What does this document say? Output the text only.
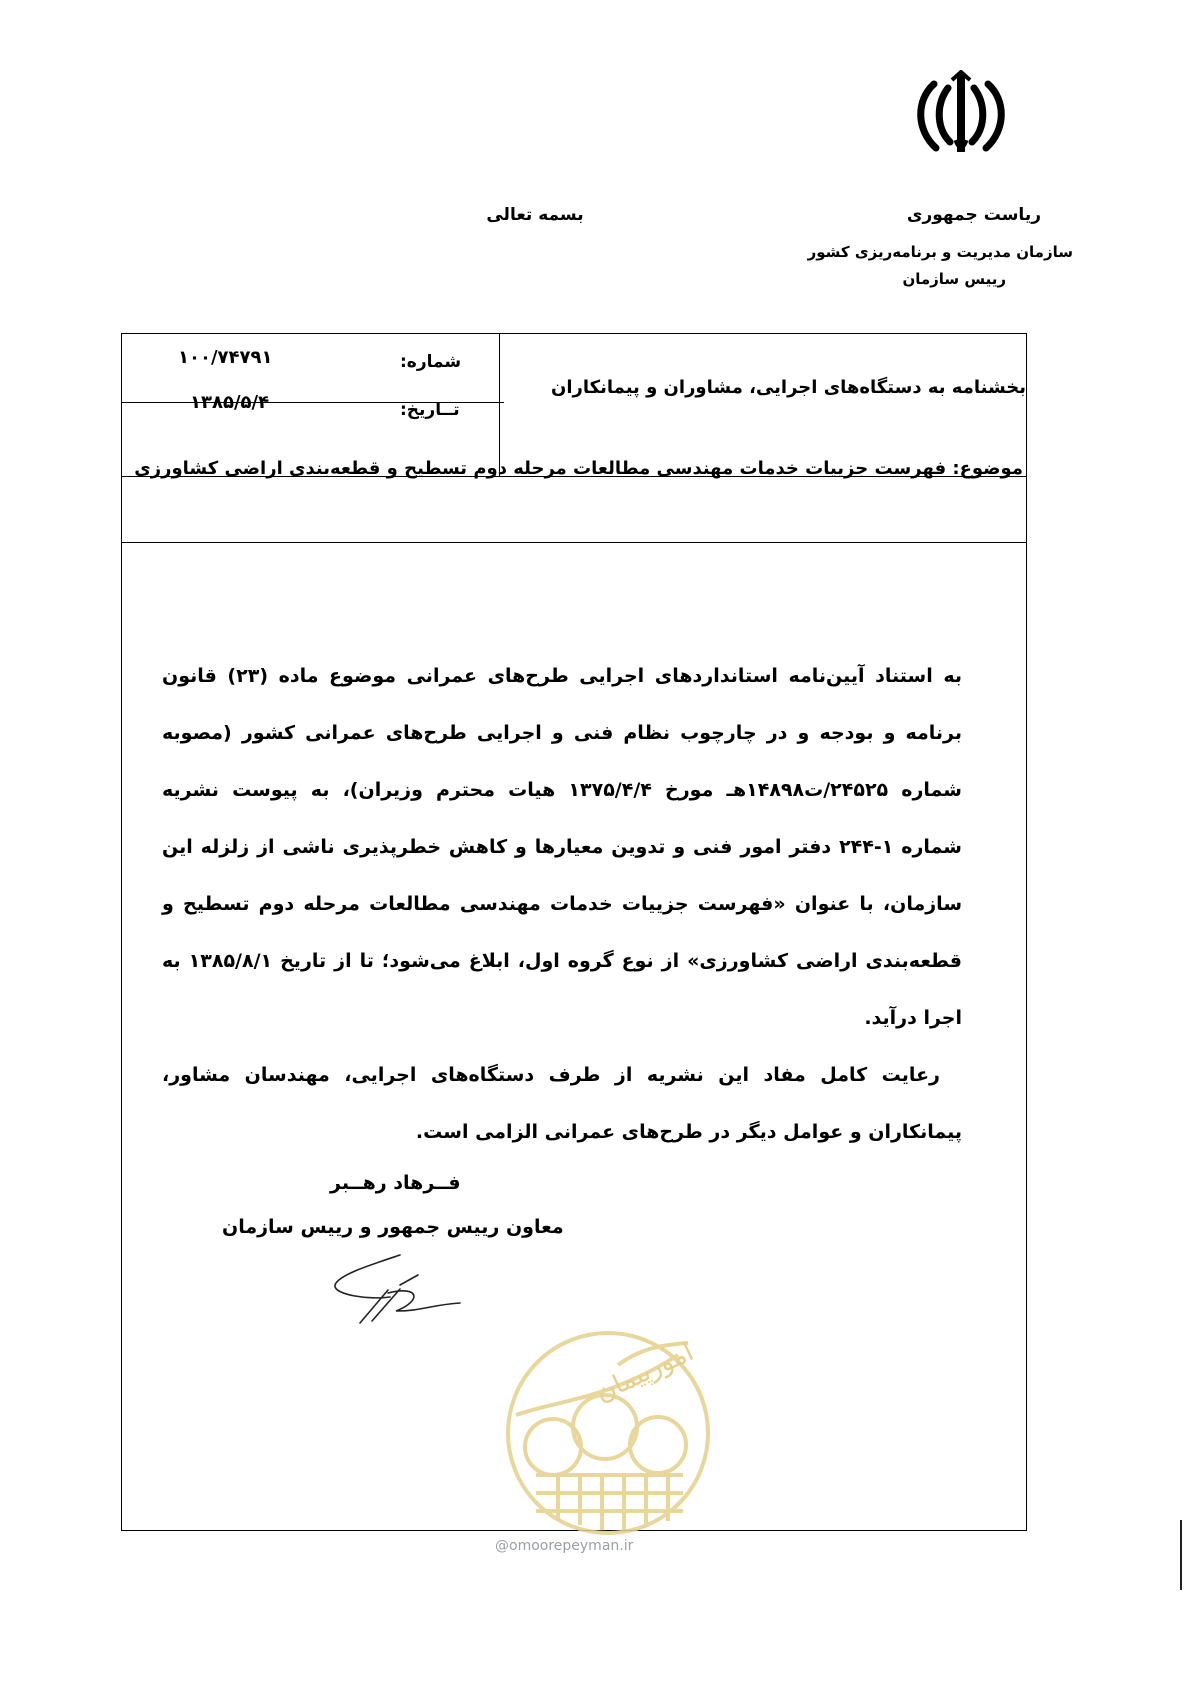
بسمه تعالی	ریاست جمهوری
سازمان مدیریت و برنامه‌ریزی کشور
رییس سازمان
شماره:
۱۰۰/۷۴۷۹۱
تــاریخ:
۱۳۸۵/۵/۴
بخشنامه به دستگاه‌های اجرایی، مشاوران و پیمانکاران
موضوع: فهرست جزییات خدمات مهندسی مطالعات مرحله دوم تسطیح و قطعه‌بندی اراضی کشاورزی

به استناد آیین‌نامه استانداردهای اجرایی طرح‌های عمرانی موضوع ماده (۲۳) قانون برنامه و بودجه و در چارچوب نظام فنی و اجرایی طرح‌های عمرانی کشور (مصوبه شماره ۲۴۵۲۵/ت۱۴۸۹۸هـ مورخ ۱۳۷۵/۴/۴ هیات محترم وزیران)، به پیوست نشریه شماره ۱-۲۴۴ دفتر امور فنی و تدوین معیارها و کاهش خطرپذیری ناشی از زلزله این سازمان، با عنوان «فهرست جزییات خدمات مهندسی مطالعات مرحله دوم تسطیح و قطعه‌بندی اراضی کشاورزی» از نوع گروه اول، ابلاغ می‌شود؛ تا از تاریخ ۱۳۸۵/۸/۱ به اجرا درآید.

رعایت کامل مفاد این نشریه از طرف دستگاه‌های اجرایی، مهندسان مشاور، پیمانکاران و عوامل دیگر در طرح‌های عمرانی الزامی است.

فــرهاد رهــبر
معاون رییس جمهور و رییس سازمان
امورپیمان
@omoorepeyman.ir
